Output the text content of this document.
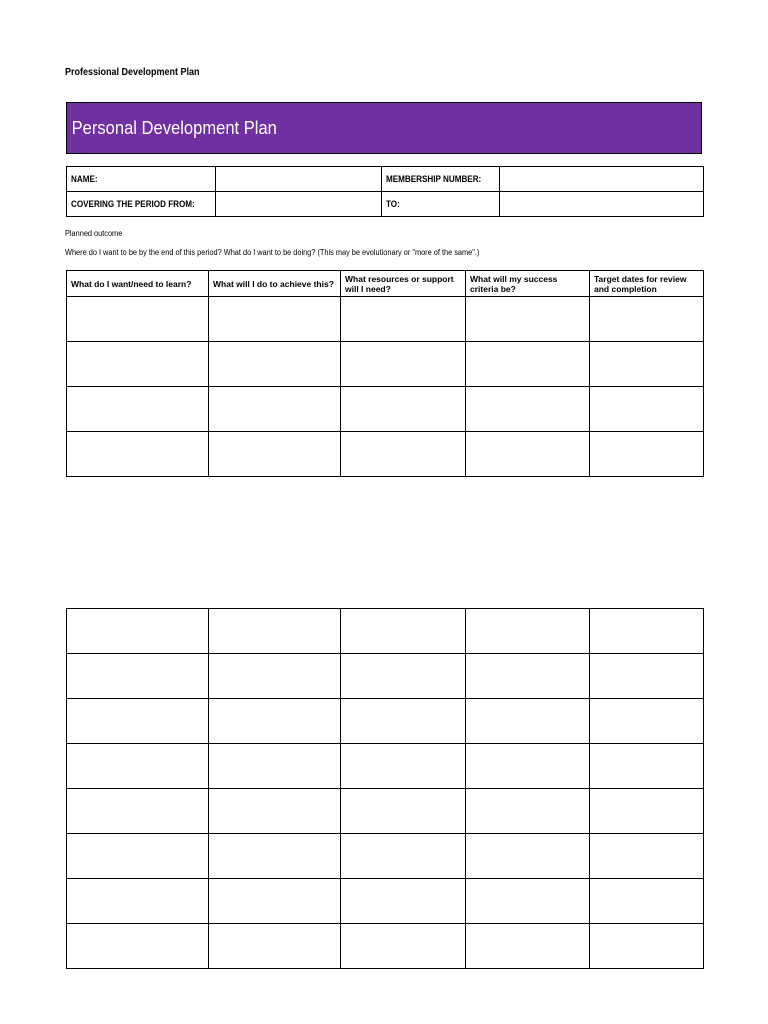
Professional Development Plan
Personal Development Plan
NAME:		MEMBERSHIP NUMBER:	
COVERING THE PERIOD FROM:		TO:	
Planned outcome
Where do I want to be by the end of this period? What do I want to be doing? (This may be evolutionary or "more of the same".)
What do I want/need to learn?	What will I do to achieve this?	What resources or support will I need?	What will my success criteria be?	Target dates for review and completion
